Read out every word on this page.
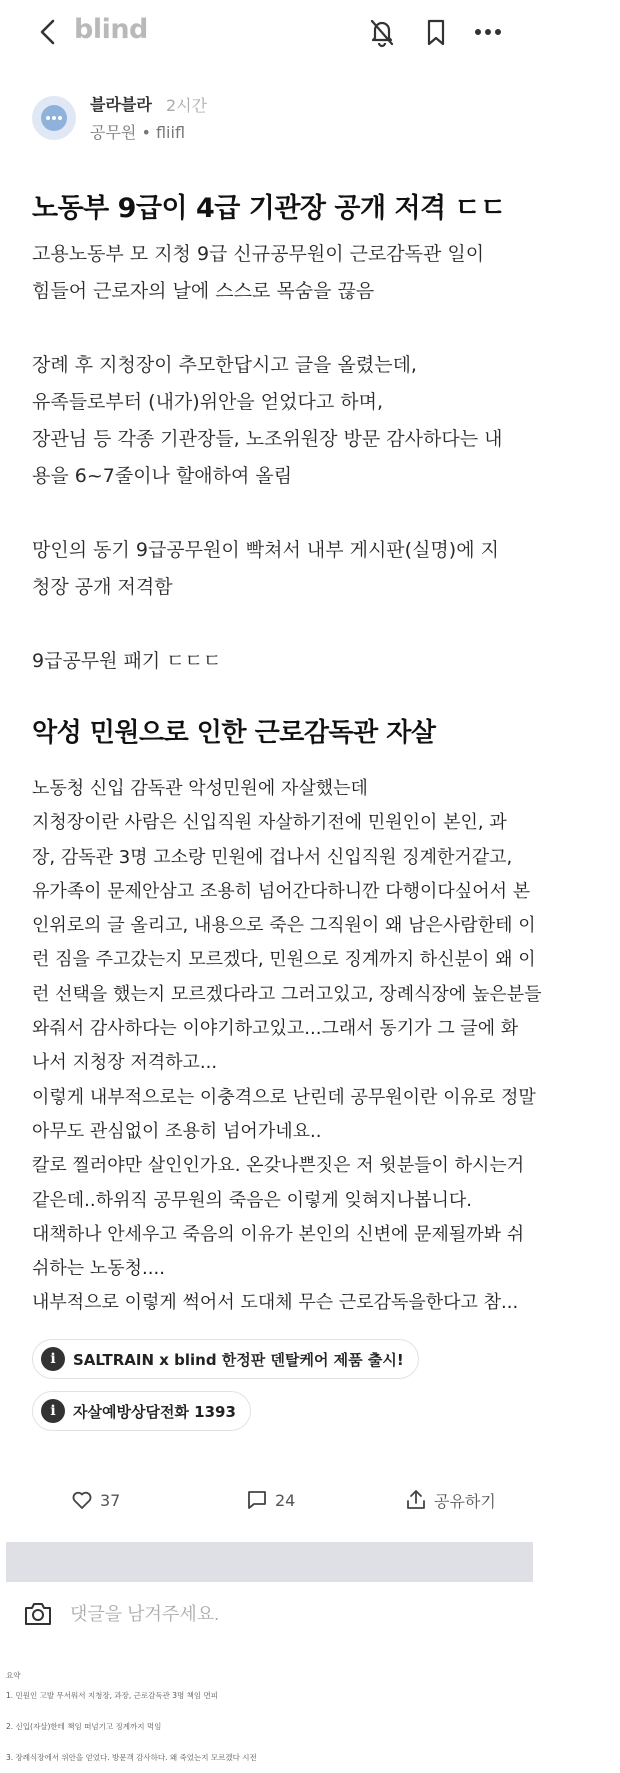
blind
블라블라 2시간
공무원 • fliifl
노동부 9급이 4급 기관장 공개 저격 ㄷㄷ

고용노동부 모 지청 9급 신규공무원이 근로감독관 일이

힘들어 근로자의 날에 스스로 목숨을 끊음

장례 후 지청장이 추모한답시고 글을 올렸는데,

유족들로부터 (내가)위안을 얻었다고 하며,

장관님 등 각종 기관장들, 노조위원장 방문 감사하다는 내

용을 6~7줄이나 할애하여 올림

망인의 동기 9급공무원이 빡쳐서 내부 게시판(실명)에 지

청장 공개 저격함

9급공무원 패기 ㄷㄷㄷ

악성 민원으로 인한 근로감독관 자살

노동청 신입 감독관 악성민원에 자살했는데

지청장이란 사람은 신입직원 자살하기전에 민원인이 본인, 과

장, 감독관 3명 고소랑 민원에 겁나서 신입직원 징계한거같고,

유가족이 문제안삼고 조용히 넘어간다하니깐 다행이다싶어서 본

인위로의 글 올리고, 내용으로 죽은 그직원이 왜 남은사람한테 이

런 짐을 주고갔는지 모르겠다, 민원으로 징계까지 하신분이 왜 이

런 선택을 했는지 모르겠다라고 그러고있고, 장례식장에 높은분들

와줘서 감사하다는 이야기하고있고...그래서 동기가 그 글에 화

나서 지청장 저격하고...

이렇게 내부적으로는 이충격으로 난린데 공무원이란 이유로 정말

아무도 관심없이 조용히 넘어가네요..

칼로 찔러야만 살인인가요. 온갖나쁜짓은 저 윗분들이 하시는거

같은데..하위직 공무원의 죽음은 이렇게 잊혀지나봅니다.

대책하나 안세우고 죽음의 이유가 본인의 신변에 문제될까봐 쉬

쉬하는 노동청....

내부적으로 이렇게 썩어서 도대체 무슨 근로감독을한다고 참...

i	SALTRAIN x blind 한정판 덴탈케어 제품 출시!
i	자살예방상담전화 1393
37	24	공유하기
댓글을 남겨주세요.

요약

1. 민원인 고발 무서워서 지청장, 과장, 근로감독관 3명 책임 면피

2. 신입(자살)한테 책임 떠넘기고 징계까지 먹임

3. 장례식장에서 위안을 얻었다. 방문객 감사하다. 왜 죽었는지 모르겠다 시전
